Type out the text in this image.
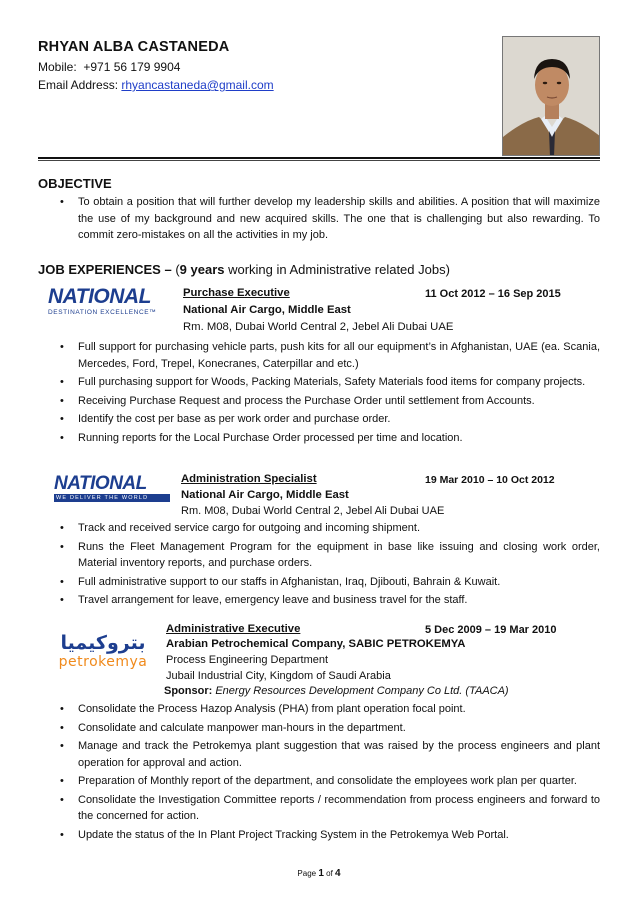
RHYAN ALBA CASTANEDA
Mobile: +971 56 179 9904
Email Address: rhyancastaneda@gmail.com
OBJECTIVE
• To obtain a position that will further develop my leadership skills and abilities. A position that will maximize the use of my background and new acquired skills. The one that is challenging but also rewarding. To commit zero-mistakes on all the activities in my job.
JOB EXPERIENCES – (9 years working in Administrative related Jobs)
NATIONAL
DESTINATION EXCELLENCE™
Purchase Executive	11 Oct 2012 – 16 Sep 2015
National Air Cargo, Middle East
Rm. M08, Dubai World Central 2, Jebel Ali Dubai UAE
• Full support for purchasing vehicle parts, push kits for all our equipment’s in Afghanistan, UAE (ea. Scania, Mercedes, Ford, Trepel, Konecranes, Caterpillar and etc.)
• Full purchasing support for Woods, Packing Materials, Safety Materials food items for company projects.
• Receiving Purchase Request and process the Purchase Order until settlement from Accounts.
• Identify the cost per base as per work order and purchase order.
• Running reports for the Local Purchase Order processed per time and location.
NATIONAL
WE DELIVER THE WORLD
Administration Specialist	19 Mar 2010 – 10 Oct 2012
National Air Cargo, Middle East
Rm. M08, Dubai World Central 2, Jebel Ali Dubai UAE
• Track and received service cargo for outgoing and incoming shipment.
• Runs the Fleet Management Program for the equipment in base like issuing and closing work order, Material inventory reports, and purchase orders.
• Full administrative support to our staffs in Afghanistan, Iraq, Djibouti, Bahrain & Kuwait.
• Travel arrangement for leave, emergency leave and business travel for the staff.
بتروكيميا
petrokemya
Administrative Executive	5 Dec 2009 – 19 Mar 2010
Arabian Petrochemical Company, SABIC PETROKEMYA
Process Engineering Department
Jubail Industrial City, Kingdom of Saudi Arabia
Sponsor: Energy Resources Development Company Co Ltd. (TAACA)
• Consolidate the Process Hazop Analysis (PHA) from plant operation focal point.
• Consolidate and calculate manpower man-hours in the department.
• Manage and track the Petrokemya plant suggestion that was raised by the process engineers and plant operation for approval and action.
• Preparation of Monthly report of the department, and consolidate the employees work plan per quarter.
• Consolidate the Investigation Committee reports / recommendation from process engineers and forward to the concerned for action.
• Update the status of the In Plant Project Tracking System in the Petrokemya Web Portal.
Page 1 of 4
